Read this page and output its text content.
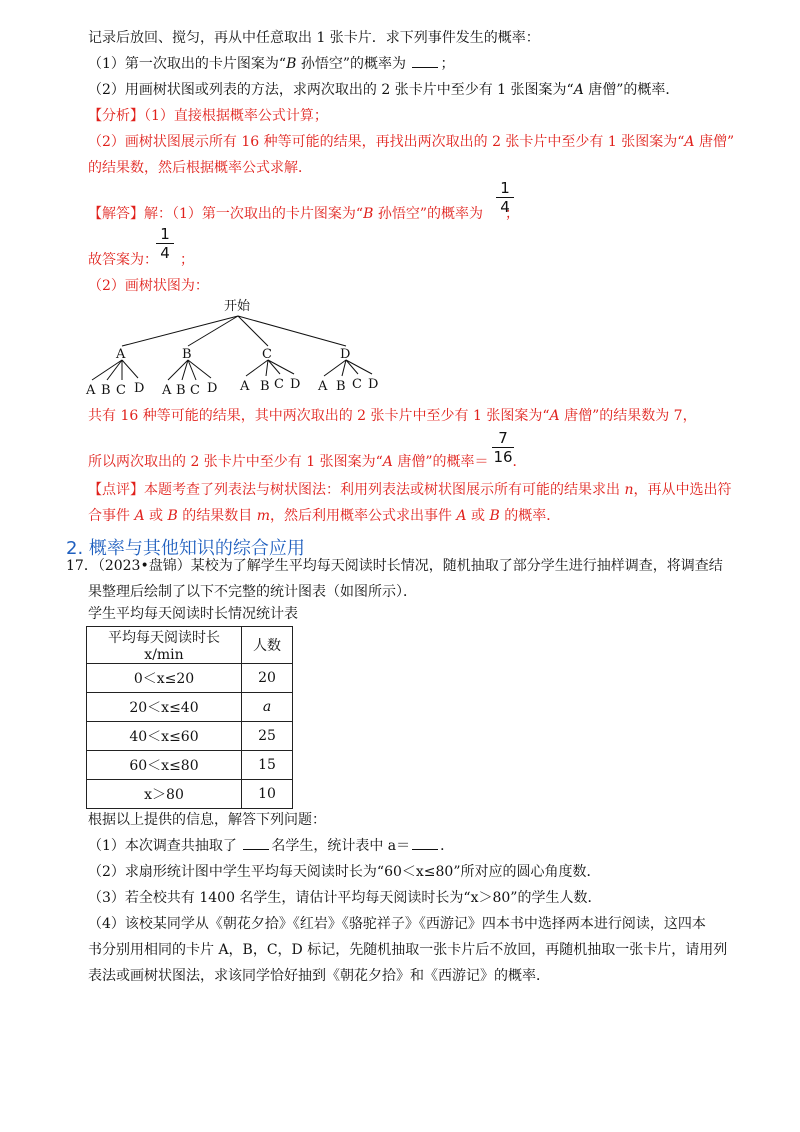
记录后放回、搅匀，再从中任意取出 1 张卡片．求下列事件发生的概率：
（1）第一次取出的卡片图案为“B 孙悟空”的概率为 ；
（2）用画树状图或列表的方法，求两次取出的 2 张卡片中至少有 1 张图案为“A 唐僧”的概率．
【分析】（1）直接根据概率公式计算；
（2）画树状图展示所有 16 种等可能的结果，再找出两次取出的 2 张卡片中至少有 1 张图案为“A 唐僧”
的结果数，然后根据概率公式求解．
【解答】解：（1）第一次取出的卡片图案为“B 孙悟空”的概率为 ；
1
4
故答案为： ；
1
4
（2）画树状图为：
开始
A	B	C	D
A B C D A B C D A B C D A B C D
共有 16 种等可能的结果，其中两次取出的 2 张卡片中至少有 1 张图案为“A 唐僧”的结果数为 7，
所以两次取出的 2 张卡片中至少有 1 张图案为“A 唐僧”的概率＝ ．
7
16
【点评】本题考查了列表法与树状图法：利用列表法或树状图展示所有可能的结果求出 n，再从中选出符
合事件 A 或 B 的结果数目 m，然后利用概率公式求出事件 A 或 B 的概率．
2. 概率与其他知识的综合应用
17．（2023•盘锦）某校为了解学生平均每天阅读时长情况，随机抽取了部分学生进行抽样调查，将调查结
果整理后绘制了以下不完整的统计图表（如图所示）．
学生平均每天阅读时长情况统计表
平均每天阅读时长 x/min	人数
0＜x≤20	20
20＜x≤40	a
40＜x≤60	25
60＜x≤80	15
x＞80	10
根据以上提供的信息，解答下列问题：
（1）本次调查共抽取了 名学生，统计表中 a＝ ．
（2）求扇形统计图中学生平均每天阅读时长为“60＜x≤80”所对应的圆心角度数．
（3）若全校共有 1400 名学生，请估计平均每天阅读时长为“x＞80”的学生人数．
（4）该校某同学从《朝花夕拾》《红岩》《骆驼祥子》《西游记》四本书中选择两本进行阅读，这四本
书分别用相同的卡片 A，B，C，D 标记，先随机抽取一张卡片后不放回，再随机抽取一张卡片，请用列
表法或画树状图法，求该同学恰好抽到《朝花夕拾》和《西游记》的概率．
